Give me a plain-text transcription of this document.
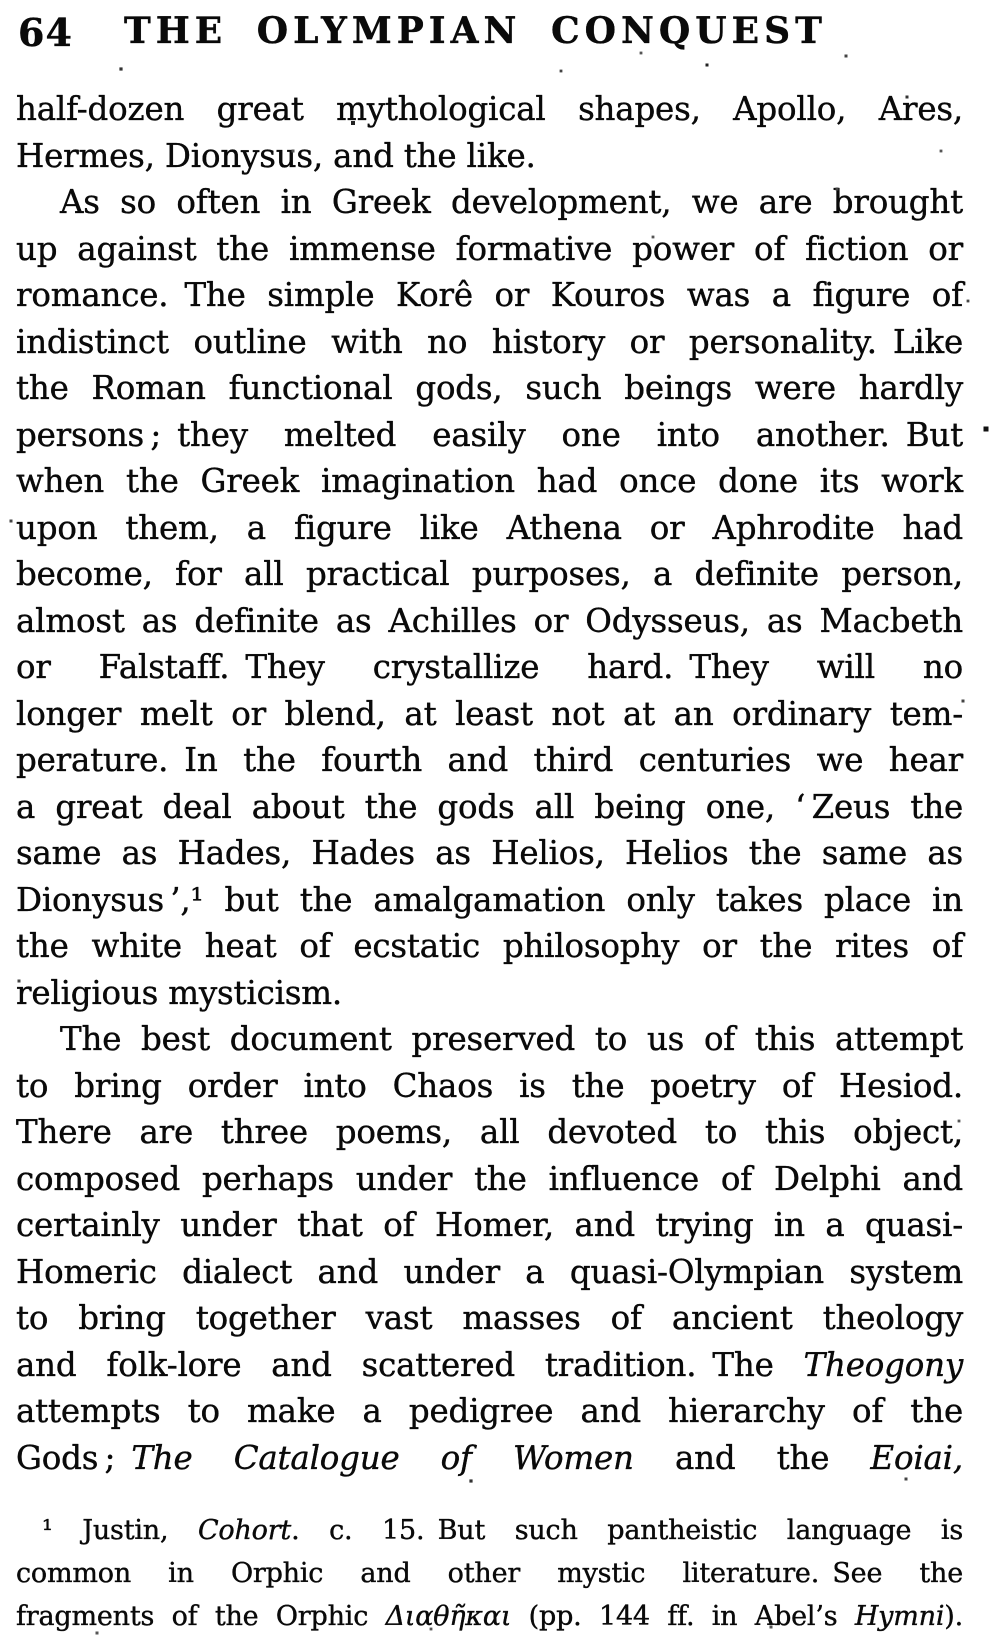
64 THE OLYMPIAN CONQUEST
half-dozen great mythological shapes, Apollo, Ares,
Hermes, Dionysus, and the like.
As so often in Greek development, we are brought
up against the immense formative power of fiction or
romance. The simple Korê or Kouros was a figure of
indistinct outline with no history or personality. Like
the Roman functional gods, such beings were hardly
persons ; they melted easily one into another. But
when the Greek imagination had once done its work
upon them, a figure like Athena or Aphrodite had
become, for all practical purposes, a definite person,
almost as definite as Achilles or Odysseus, as Macbeth
or Falstaff. They crystallize hard. They will no
longer melt or blend, at least not at an ordinary tem-
perature. In the fourth and third centuries we hear
a great deal about the gods all being one, ‘ Zeus the
same as Hades, Hades as Helios, Helios the same as
Dionysus ’,¹ but the amalgamation only takes place in
the white heat of ecstatic philosophy or the rites of
religious mysticism.
The best document preserved to us of this attempt
to bring order into Chaos is the poetry of Hesiod.
There are three poems, all devoted to this object,
composed perhaps under the influence of Delphi and
certainly under that of Homer, and trying in a quasi-
Homeric dialect and under a quasi-Olympian system
to bring together vast masses of ancient theology
and folk-lore and scattered tradition. The Theogony
attempts to make a pedigree and hierarchy of the
Gods ; The Catalogue of Women and the Eoiai,
¹ Justin, Cohort. c. 15. But such pantheistic language is
common in Orphic and other mystic literature. See the
fragments of the Orphic Διαθῆκαι (pp. 144 ff. in Abel’s Hymni).
